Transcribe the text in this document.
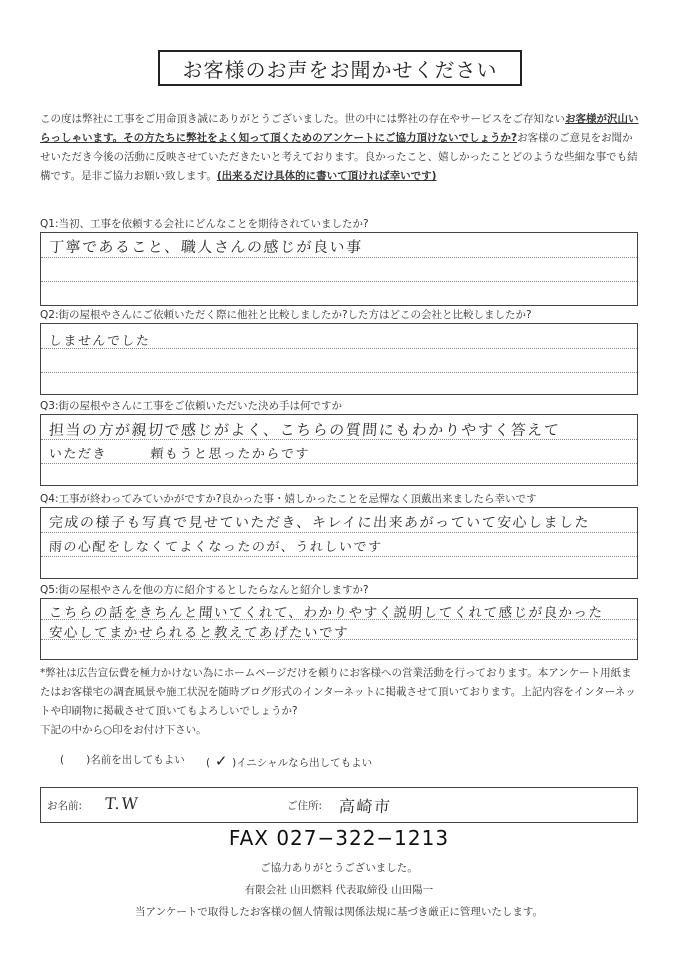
お客様のお声をお聞かせください

この度は弊社に工事をご用命頂き誠にありがとうございました。世の中には弊社の存在やサービスをご存知ないお客様が沢山いらっしゃいます。その方たちに弊社をよく知って頂くためのアンケートにご協力頂けないでしょうか?お客様のご意見をお聞かせいただき今後の活動に反映させていただきたいと考えております。良かったこと、嬉しかったことどのような些細な事でも結構です。是非ご協力お願い致します。(出来るだけ具体的に書いて頂ければ幸いです)

Q1:当初、工事を依頼する会社にどんなことを期待されていましたか?
丁寧であること、職人さんの感じが良い事
Q2:街の屋根やさんにご依頼いただく際に他社と比較しましたか?した方はどこの会社と比較しましたか?
しませんでした
Q3:街の屋根やさんに工事をご依頼いただいた決め手は何ですか
担当の方が親切で感じがよく、こちらの質問にもわかりやすく答えて
いただき　　　頼もうと思ったからです
Q4:工事が終わってみていかがですか?良かった事・嬉しかったことを忌憚なく頂戴出来ましたら幸いです
完成の様子も写真で見せていただき、キレイに出来あがっていて安心しました
雨の心配をしなくてよくなったのが、うれしいです
Q5:街の屋根やさんを他の方に紹介するとしたらなんと紹介しますか?
こちらの話をきちんと聞いてくれて、わかりやすく説明してくれて感じが良かった
安心してまかせられると教えてあげたいです

*弊社は広告宣伝費を極力かけない為にホームページだけを頼りにお客様への営業活動を行っております。本アンケート用紙またはお客様宅の調査風景や施工状況を随時ブログ形式のインターネットに掲載させて頂いております。上記内容をインターネットや印刷物に掲載させて頂いてもよろしいでしょうか?
下記の中から○印をお付け下さい。

( )名前を出してもよい ( ✓ )イニシャルなら出してもよい
お名前: T.W	ご住所: 高崎市
FAX 027−322−1213
ご協力ありがとうございました。
有限会社 山田燃料 代表取締役 山田陽一
当アンケートで取得したお客様の個人情報は関係法規に基づき厳正に管理いたします。
